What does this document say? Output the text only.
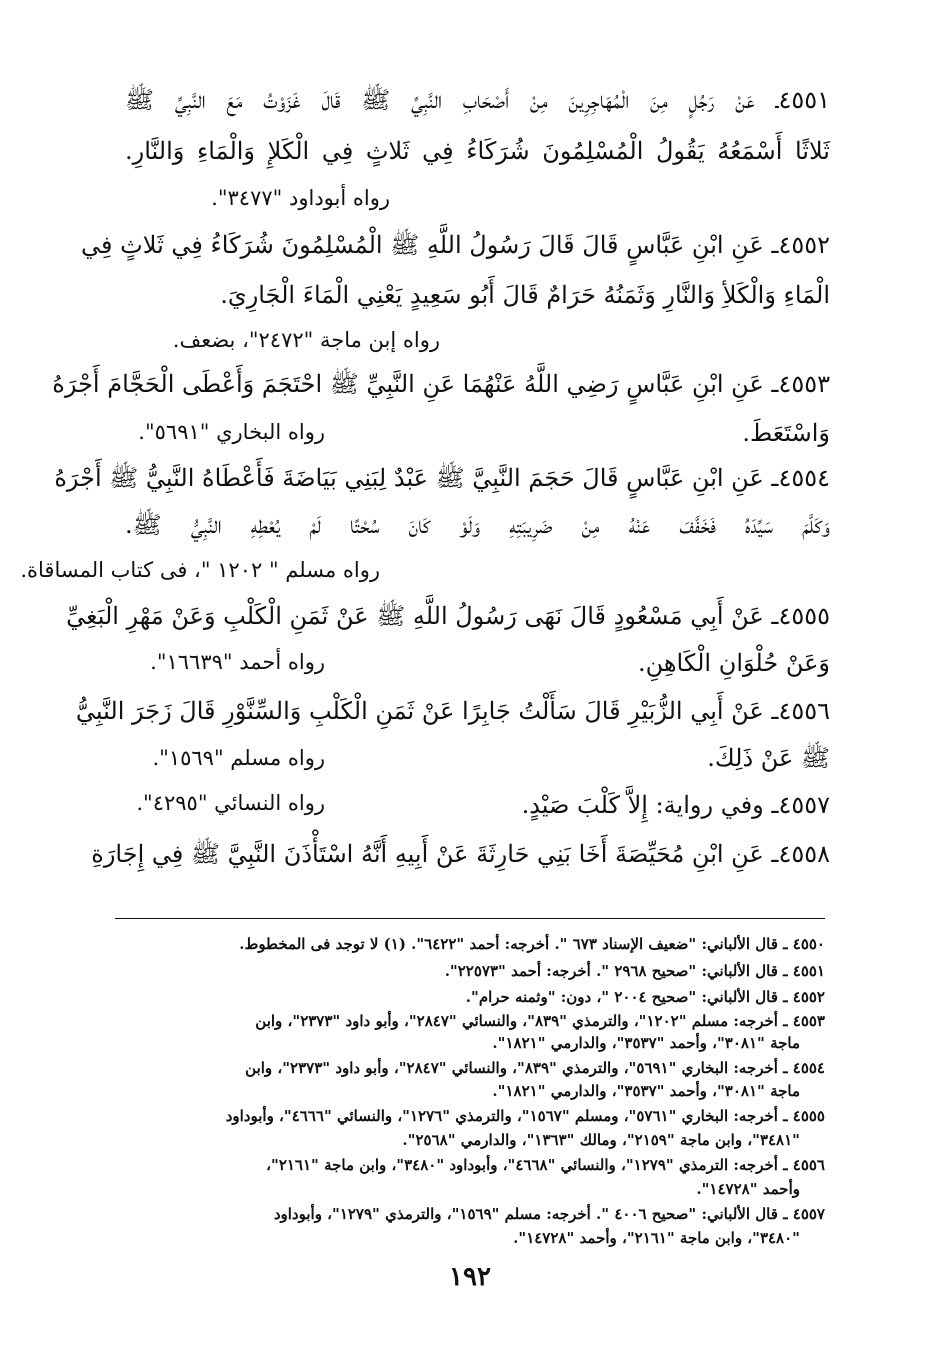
٤٥٥١ـ عَنْ رَجُلٍ مِنَ الْمُهَاجِرِينَ مِنْ أَصْحَابِ النَّبِيِّ ﷺ قَالَ غَزَوْتُ مَعَ النَّبِيِّ ﷺ
ثَلاثًا أَسْمَعُهُ يَقُولُ الْمُسْلِمُونَ شُرَكَاءُ فِي ثَلاثٍ فِي الْكَلإِ وَالْمَاءِ وَالنَّارِ.
رواه أبوداود "٣٤٧٧".
٤٥٥٢ـ عَنِ ابْنِ عَبَّاسٍ قَالَ قَالَ رَسُولُ اللَّهِ ﷺ الْمُسْلِمُونَ شُرَكَاءُ فِي ثَلاثٍ فِي
الْمَاءِ وَالْكَلأِ وَالنَّارِ وَثَمَنُهُ حَرَامٌ قَالَ أَبُو سَعِيدٍ يَعْنِي الْمَاءَ الْجَارِيَ.
رواه إبن ماجة "٢٤٧٢"، بضعف.
٤٥٥٣ـ عَنِ ابْنِ عَبَّاسٍ رَضِي اللَّهُ عَنْهُمَا عَنِ النَّبِيِّ ﷺ احْتَجَمَ وَأَعْطَى الْحَجَّامَ أَجْرَهُ
وَاسْتَعَطَ.
رواه البخاري "٥٦٩١".
٤٥٥٤ـ عَنِ ابْنِ عَبَّاسٍ قَالَ حَجَمَ النَّبِيَّ ﷺ عَبْدٌ لِبَنِي بَيَاضَةَ فَأَعْطَاهُ النَّبِيُّ ﷺ أَجْرَهُ
وَكَلَّمَ سَيِّدَهُ فَخَفَّفَ عَنْهُ مِنْ ضَرِيبَتِهِ وَلَوْ كَانَ سُحْتًا لَمْ يُعْطِهِ النَّبِيُّ ﷺ.
رواه مسلم " ١٢٠٢ "، فى كتاب المساقاة.
٤٥٥٥ـ عَنْ أَبِي مَسْعُودٍ قَالَ نَهَى رَسُولُ اللَّهِ ﷺ عَنْ ثَمَنِ الْكَلْبِ وَعَنْ مَهْرِ الْبَغِيِّ
وَعَنْ حُلْوَانِ الْكَاهِنِ.
رواه أحمد "١٦٦٣٩".
٤٥٥٦ـ عَنْ أَبِي الزُّبَيْرِ قَالَ سَأَلْتُ جَابِرًا عَنْ ثَمَنِ الْكَلْبِ وَالسِّنَّوْرِ قَالَ زَجَرَ النَّبِيُّ
ﷺ عَنْ ذَلِكَ.
رواه مسلم "١٥٦٩".
٤٥٥٧ـ وفي رواية: إِلاَّ كَلْبَ صَيْدٍ.
رواه النسائي "٤٢٩٥".
٤٥٥٨ـ عَنِ ابْنِ مُحَيِّصَةَ أَخَا بَنِي حَارِثَةَ عَنْ أَبِيهِ أَنَّهُ اسْتَأْذَنَ النَّبِيَّ ﷺ فِي إِجَارَةِ
٤٥٥٠ ـ قال الألباني: "ضعيف الإسناد ٦٧٣ ". أخرجه: أحمد "٦٤٢٢". (١) لا توجد فى المخطوط.
٤٥٥١ ـ قال الألباني: "صحيح ٢٩٦٨ ". أخرجه: أحمد "٢٢٥٧٣".
٤٥٥٢ ـ قال الألباني: "صحيح ٢٠٠٤ "، دون: "وثمنه حرام".
٤٥٥٣ ـ أخرجه: مسلم "١٢٠٢"، والترمذي "٨٣٩"، والنسائي "٢٨٤٧"، وأبو داود "٢٣٧٣"، وابن
ماجة "٣٠٨١"، وأحمد "٣٥٣٧"، والدارمي "١٨٢١".
٤٥٥٤ ـ أخرجه: البخاري "٥٦٩١"، والترمذي "٨٣٩"، والنسائي "٢٨٤٧"، وأبو داود "٢٣٧٣"، وابن
ماجة "٣٠٨١"، وأحمد "٣٥٣٧"، والدارمي "١٨٢١".
٤٥٥٥ ـ أخرجه: البخاري "٥٧٦١"، ومسلم "١٥٦٧"، والترمذي "١٢٧٦"، والنسائي "٤٦٦٦"، وأبوداود
"٣٤٨١"، وابن ماجة "٢١٥٩"، ومالك "١٣٦٣"، والدارمي "٢٥٦٨".
٤٥٥٦ ـ أخرجه: الترمذي "١٢٧٩"، والنسائي "٤٦٦٨"، وأبوداود "٣٤٨٠"، وابن ماجة "٢١٦١"،
وأحمد "١٤٧٢٨".
٤٥٥٧ ـ قال الألباني: "صحيح ٤٠٠٦ ". أخرجه: مسلم "١٥٦٩"، والترمذي "١٢٧٩"، وأبوداود
"٣٤٨٠"، وابن ماجة "٢١٦١"، وأحمد "١٤٧٢٨".
١٩٢
